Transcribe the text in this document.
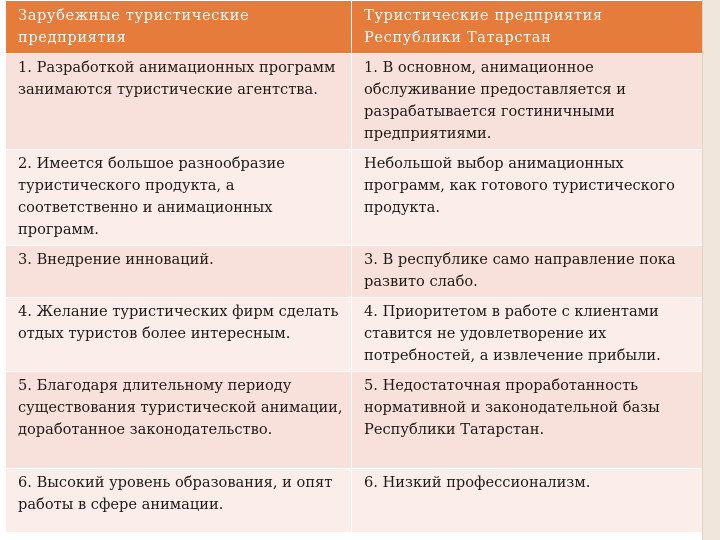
Зарубежные туристические предприятия	Туристические предприятия Республики Татарстан
1. Разработкой анимационных программ занимаются туристические агентства.	1. В основном, анимационное обслуживание предоставляется и разрабатывается гостиничными предприятиями.
2. Имеется большое разнообразие туристического продукта, а соответственно и анимационных программ.	Небольшой выбор анимационных программ, как готового туристического продукта.
3. Внедрение инноваций.	3. В республике само направление пока развито слабо.
4. Желание туристических фирм сделать отдых туристов более интересным.	4. Приоритетом в работе с клиентами ставится не удовлетворение их потребностей, а извлечение прибыли.
5. Благодаря длительному периоду существования туристической анимации, доработанное законодательство.	5. Недостаточная проработанность нормативной и законодательной базы Республики Татарстан.
6. Высокий уровень образования, и опят работы в сфере анимации.	6. Низкий профессионализм.
